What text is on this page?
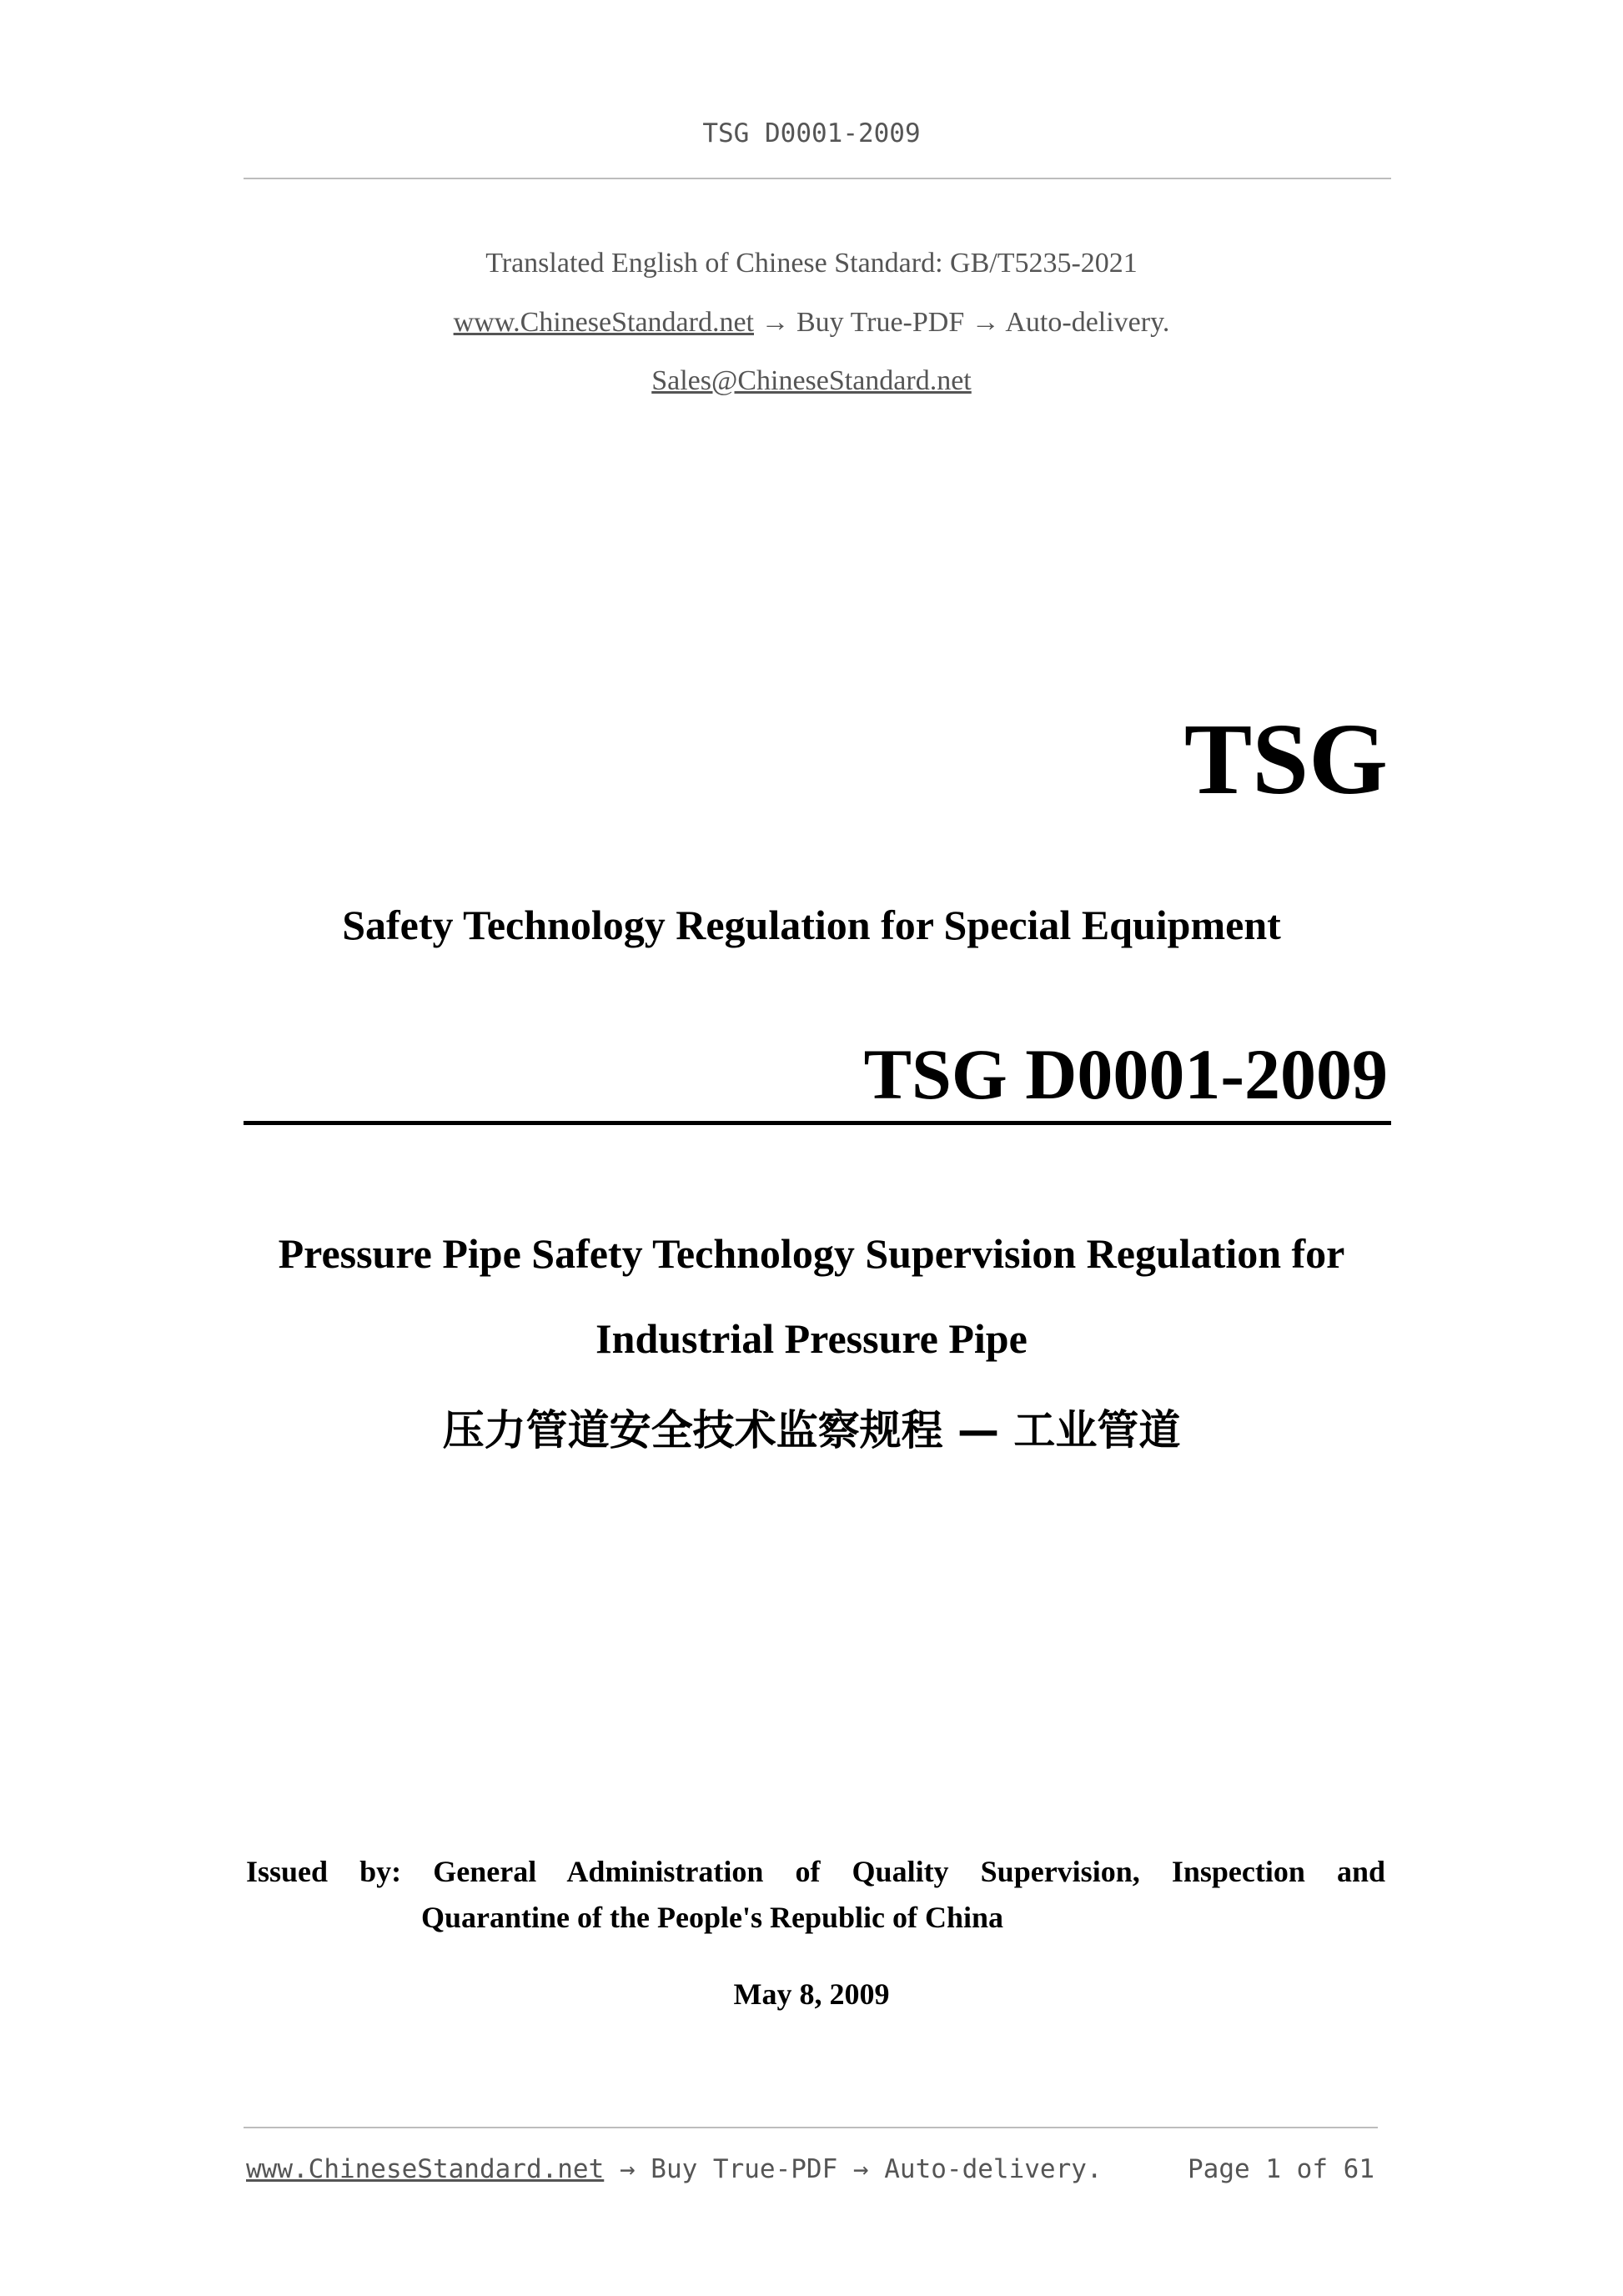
TSG D0001-2009
Translated English of Chinese Standard: GB/T5235-2021
www.ChineseStandard.net → Buy True-PDF → Auto-delivery.
Sales@ChineseStandard.net
TSG
Safety Technology Regulation for Special Equipment
TSG D0001-2009
Pressure Pipe Safety Technology Supervision Regulation for
Industrial Pressure Pipe
压力管道安全技术监察规程 — 工业管道
Issued by: General Administration of Quality Supervision, Inspection and
Quarantine of the People's Republic of China
May 8, 2009
www.ChineseStandard.net → Buy True-PDF → Auto-delivery.	Page 1 of 61
